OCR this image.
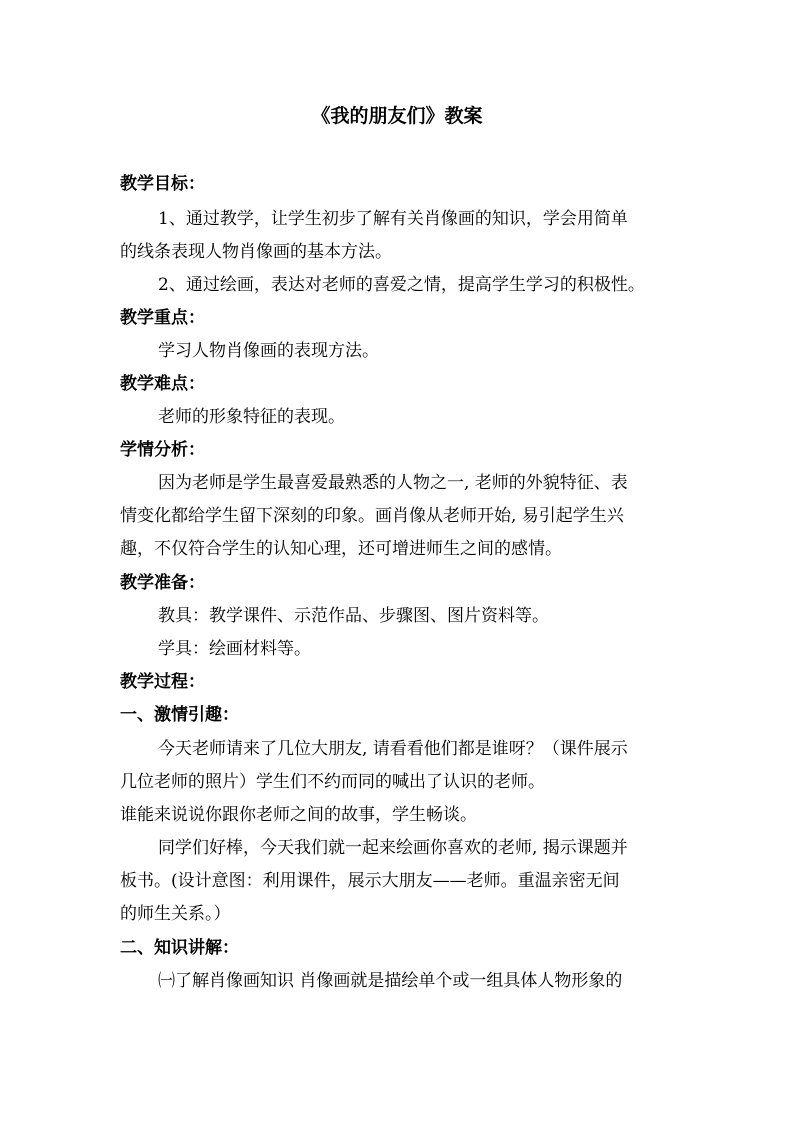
《我的朋友们》教案
教学目标：
1、通过教学，让学生初步了解有关肖像画的知识，学会用简单
的线条表现人物肖像画的基本方法。
2、通过绘画，表达对老师的喜爱之情，提高学生学习的积极性。
教学重点：
学习人物肖像画的表现方法。
教学难点：
老师的形象特征的表现。
学情分析：
因为老师是学生最喜爱最熟悉的人物之一, 老师的外貌特征、表
情变化都给学生留下深刻的印象。画肖像从老师开始, 易引起学生兴
趣，不仅符合学生的认知心理，还可增进师生之间的感情。
教学准备：
教具：教学课件、示范作品、步骤图、图片资料等。
学具：绘画材料等。
教学过程：
一、激情引趣：
今天老师请来了几位大朋友, 请看看他们都是谁呀？（课件展示
几位老师的照片）学生们不约而同的喊出了认识的老师。
谁能来说说你跟你老师之间的故事，学生畅谈。
同学们好棒，今天我们就一起来绘画你喜欢的老师, 揭示课题并
板书。(设计意图：利用课件，展示大朋友——老师。重温亲密无间
的师生关系。）
二、知识讲解：
㈠了解肖像画知识 肖像画就是描绘单个或一组具体人物形象的
